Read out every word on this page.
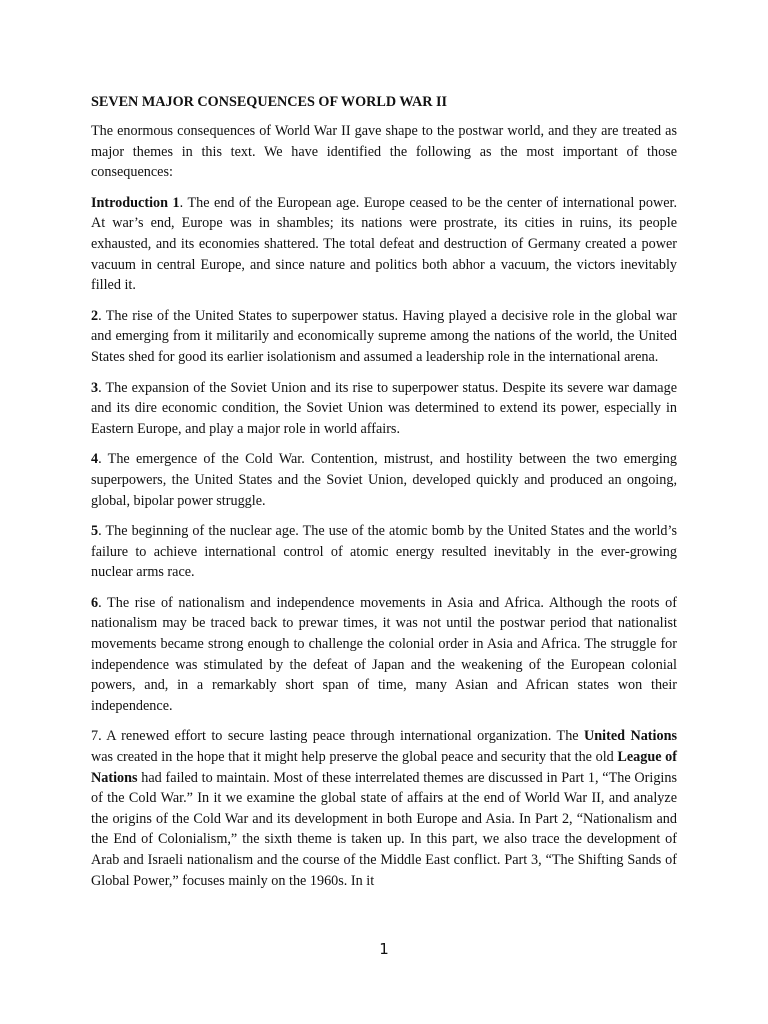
SEVEN MAJOR CONSEQUENCES OF WORLD WAR II

The enormous consequences of World War II gave shape to the postwar world, and they are treated as major themes in this text. We have identified the following as the most important of those consequences:

Introduction 1. The end of the European age. Europe ceased to be the center of international power. At war’s end, Europe was in shambles; its nations were prostrate, its cities in ruins, its people exhausted, and its economies shattered. The total defeat and destruction of Germany created a power vacuum in central Europe, and since nature and politics both abhor a vacuum, the victors inevitably filled it.

2. The rise of the United States to superpower status. Having played a decisive role in the global war and emerging from it militarily and economically supreme among the nations of the world, the United States shed for good its earlier isolationism and assumed a leadership role in the international arena.

3. The expansion of the Soviet Union and its rise to superpower status. Despite its severe war damage and its dire economic condition, the Soviet Union was determined to extend its power, especially in Eastern Europe, and play a major role in world affairs.

4. The emergence of the Cold War. Contention, mistrust, and hostility between the two emerging superpowers, the United States and the Soviet Union, developed quickly and produced an ongoing, global, bipolar power struggle.

5. The beginning of the nuclear age. The use of the atomic bomb by the United States and the world’s failure to achieve international control of atomic energy resulted inevitably in the ever-growing nuclear arms race.

6. The rise of nationalism and independence movements in Asia and Africa. Although the roots of nationalism may be traced back to prewar times, it was not until the postwar period that nationalist movements became strong enough to challenge the colonial order in Asia and Africa. The struggle for independence was stimulated by the defeat of Japan and the weakening of the European colonial powers, and, in a remarkably short span of time, many Asian and African states won their independence.

7. A renewed effort to secure lasting peace through international organization. The United Nations was created in the hope that it might help preserve the global peace and security that the old League of Nations had failed to maintain. Most of these interrelated themes are discussed in Part 1, “The Origins of the Cold War.” In it we examine the global state of affairs at the end of World War II, and analyze the origins of the Cold War and its development in both Europe and Asia. In Part 2, “Nationalism and the End of Colonialism,” the sixth theme is taken up. In this part, we also trace the development of Arab and Israeli nationalism and the course of the Middle East conflict. Part 3, “The Shifting Sands of Global Power,” focuses mainly on the 1960s. In it

1
